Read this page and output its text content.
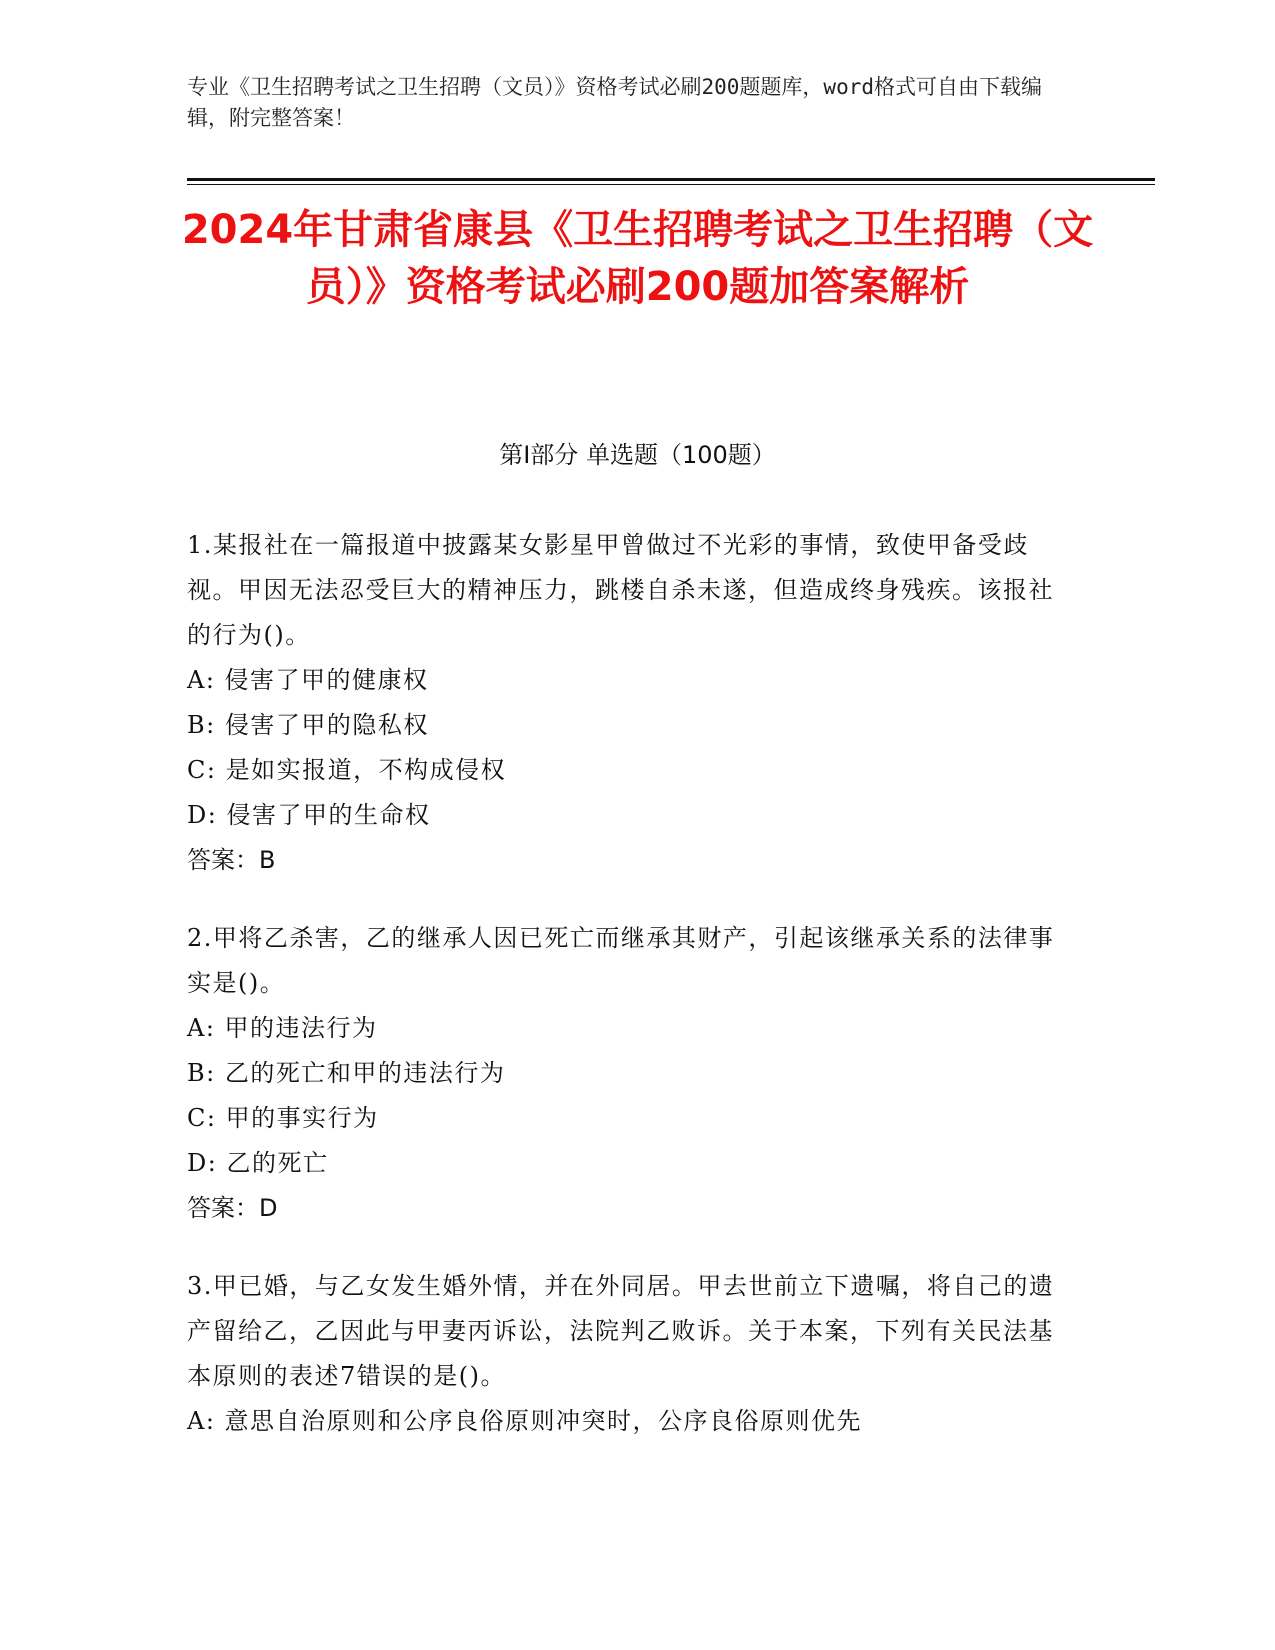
专业《卫生招聘考试之卫生招聘（文员）》资格考试必刷200题题库，word格式可自由下载编辑，附完整答案！
2024年甘肃省康县《卫生招聘考试之卫生招聘（文员）》资格考试必刷200题加答案解析
第Ⅰ部分 单选题（100题）
1.某报社在一篇报道中披露某女影星甲曾做过不光彩的事情，致使甲备受歧视。甲因无法忍受巨大的精神压力，跳楼自杀未遂，但造成终身残疾。该报社的行为()。
A: 侵害了甲的健康权
B: 侵害了甲的隐私权
C: 是如实报道，不构成侵权
D: 侵害了甲的生命权
答案：B
2.甲将乙杀害，乙的继承人因已死亡而继承其财产，引起该继承关系的法律事实是()。
A: 甲的违法行为
B: 乙的死亡和甲的违法行为
C: 甲的事实行为
D: 乙的死亡
答案：D
3.甲已婚，与乙女发生婚外情，并在外同居。甲去世前立下遗嘱，将自己的遗产留给乙，乙因此与甲妻丙诉讼，法院判乙败诉。关于本案，下列有关民法基本原则的表述7错误的是()。
A: 意思自治原则和公序良俗原则冲突时，公序良俗原则优先
